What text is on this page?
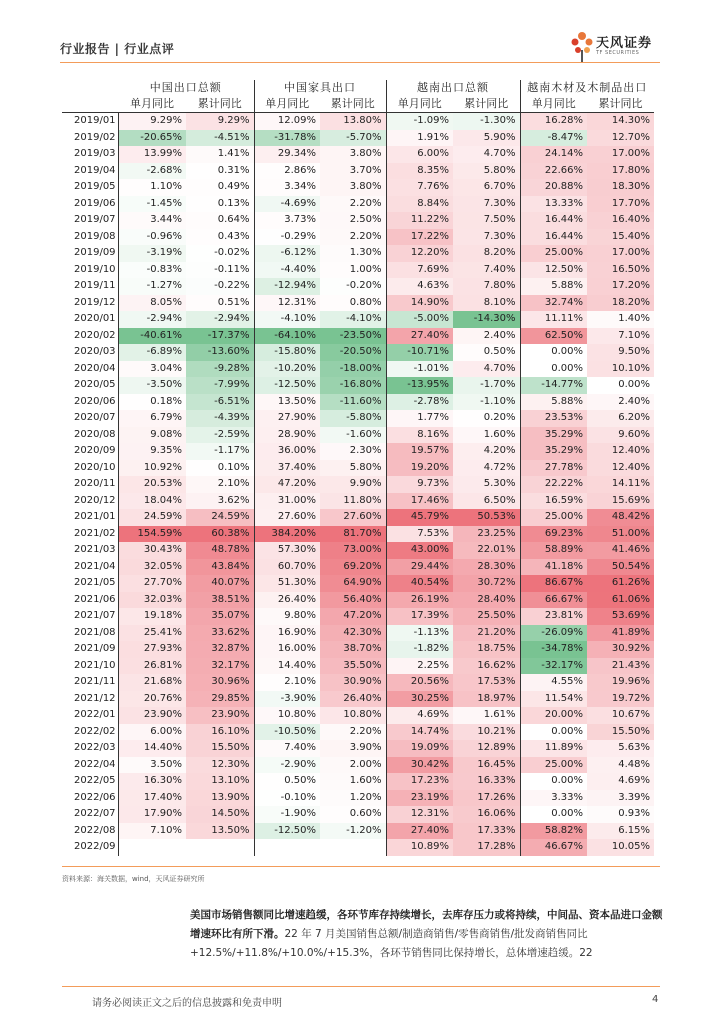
行业报告 | 行业点评	天风证券
TF SECURITIES
	中国出口总额		中国家具出口		越南出口总额		越南木材及木制品出口	
	单月同比	累计同比	单月同比	累计同比	单月同比	累计同比	单月同比	累计同比
2019/01	9.29%	9.29%	12.09%	13.80%	-1.09%	-1.30%	16.28%	14.30%
2019/02	-20.65%	-4.51%	-31.78%	-5.70%	1.91%	5.90%	-8.47%	12.70%
2019/03	13.99%	1.41%	29.34%	3.80%	6.00%	4.70%	24.14%	17.00%
2019/04	-2.68%	0.31%	2.86%	3.70%	8.35%	5.80%	22.66%	17.80%
2019/05	1.10%	0.49%	3.34%	3.80%	7.76%	6.70%	20.88%	18.30%
2019/06	-1.45%	0.13%	-4.69%	2.20%	8.84%	7.30%	13.33%	17.70%
2019/07	3.44%	0.64%	3.73%	2.50%	11.22%	7.50%	16.44%	16.40%
2019/08	-0.96%	0.43%	-0.29%	2.20%	17.22%	7.30%	16.44%	15.40%
2019/09	-3.19%	-0.02%	-6.12%	1.30%	12.20%	8.20%	25.00%	17.00%
2019/10	-0.83%	-0.11%	-4.40%	1.00%	7.69%	7.40%	12.50%	16.50%
2019/11	-1.27%	-0.22%	-12.94%	-0.20%	4.63%	7.80%	5.88%	17.20%
2019/12	8.05%	0.51%	12.31%	0.80%	14.90%	8.10%	32.74%	18.20%
2020/01	-2.94%	-2.94%	-4.10%	-4.10%	-5.00%	-14.30%	11.11%	1.40%
2020/02	-40.61%	-17.37%	-64.10%	-23.50%	27.40%	2.40%	62.50%	7.10%
2020/03	-6.89%	-13.60%	-15.80%	-20.50%	-10.71%	0.50%	0.00%	9.50%
2020/04	3.04%	-9.28%	-10.20%	-18.00%	-1.01%	4.70%	0.00%	10.10%
2020/05	-3.50%	-7.99%	-12.50%	-16.80%	-13.95%	-1.70%	-14.77%	0.00%
2020/06	0.18%	-6.51%	13.50%	-11.60%	-2.78%	-1.10%	5.88%	2.40%
2020/07	6.79%	-4.39%	27.90%	-5.80%	1.77%	0.20%	23.53%	6.20%
2020/08	9.08%	-2.59%	28.90%	-1.60%	8.16%	1.60%	35.29%	9.60%
2020/09	9.35%	-1.17%	36.00%	2.30%	19.57%	4.20%	35.29%	12.40%
2020/10	10.92%	0.10%	37.40%	5.80%	19.20%	4.72%	27.78%	12.40%
2020/11	20.53%	2.10%	47.20%	9.90%	9.73%	5.30%	22.22%	14.11%
2020/12	18.04%	3.62%	31.00%	11.80%	17.46%	6.50%	16.59%	15.69%
2021/01	24.59%	24.59%	27.60%	27.60%	45.79%	50.53%	25.00%	48.42%
2021/02	154.59%	60.38%	384.20%	81.70%	7.53%	23.25%	69.23%	51.00%
2021/03	30.43%	48.78%	57.30%	73.00%	43.00%	22.01%	58.89%	41.46%
2021/04	32.05%	43.84%	60.70%	69.20%	29.44%	28.30%	41.18%	50.54%
2021/05	27.70%	40.07%	51.30%	64.90%	40.54%	30.72%	86.67%	61.26%
2021/06	32.03%	38.51%	26.40%	56.40%	26.19%	28.40%	66.67%	61.06%
2021/07	19.18%	35.07%	9.80%	47.20%	17.39%	25.50%	23.81%	53.69%
2021/08	25.41%	33.62%	16.90%	42.30%	-1.13%	21.20%	-26.09%	41.89%
2021/09	27.93%	32.87%	16.00%	38.70%	-1.82%	18.75%	-34.78%	30.92%
2021/10	26.81%	32.17%	14.40%	35.50%	2.25%	16.62%	-32.17%	21.43%
2021/11	21.68%	30.96%	2.10%	30.90%	20.56%	17.53%	4.55%	19.96%
2021/12	20.76%	29.85%	-3.90%	26.40%	30.25%	18.97%	11.54%	19.72%
2022/01	23.90%	23.90%	10.80%	10.80%	4.69%	1.61%	20.00%	10.67%
2022/02	6.00%	16.10%	-10.50%	2.20%	14.74%	10.21%	0.00%	15.50%
2022/03	14.40%	15.50%	7.40%	3.90%	19.09%	12.89%	11.89%	5.63%
2022/04	3.50%	12.30%	-2.90%	2.00%	30.42%	16.45%	25.00%	4.48%
2022/05	16.30%	13.10%	0.50%	1.60%	17.23%	16.33%	0.00%	4.69%
2022/06	17.40%	13.90%	-0.10%	1.20%	23.19%	17.26%	3.33%	3.39%
2022/07	17.90%	14.50%	-1.90%	0.60%	12.31%	16.06%	0.00%	0.93%
2022/08	7.10%	13.50%	-12.50%	-1.20%	27.40%	17.33%	58.82%	6.15%
2022/09					10.89%	17.28%	46.67%	10.05%
资料来源：海关数据，wind，天风证券研究所
美国市场销售额同比增速趋缓，各环节库存持续增长，去库存压力或将持续，中间品、资本品进口金额增速环比有所下滑。22 年 7 月美国销售总额/制造商销售/零售商销售/批发商销售同比+12.5%/+11.8%/+10.0%/+15.3%，各环节销售同比保持增长，总体增速趋缓。22
请务必阅读正文之后的信息披露和免责申明	4
